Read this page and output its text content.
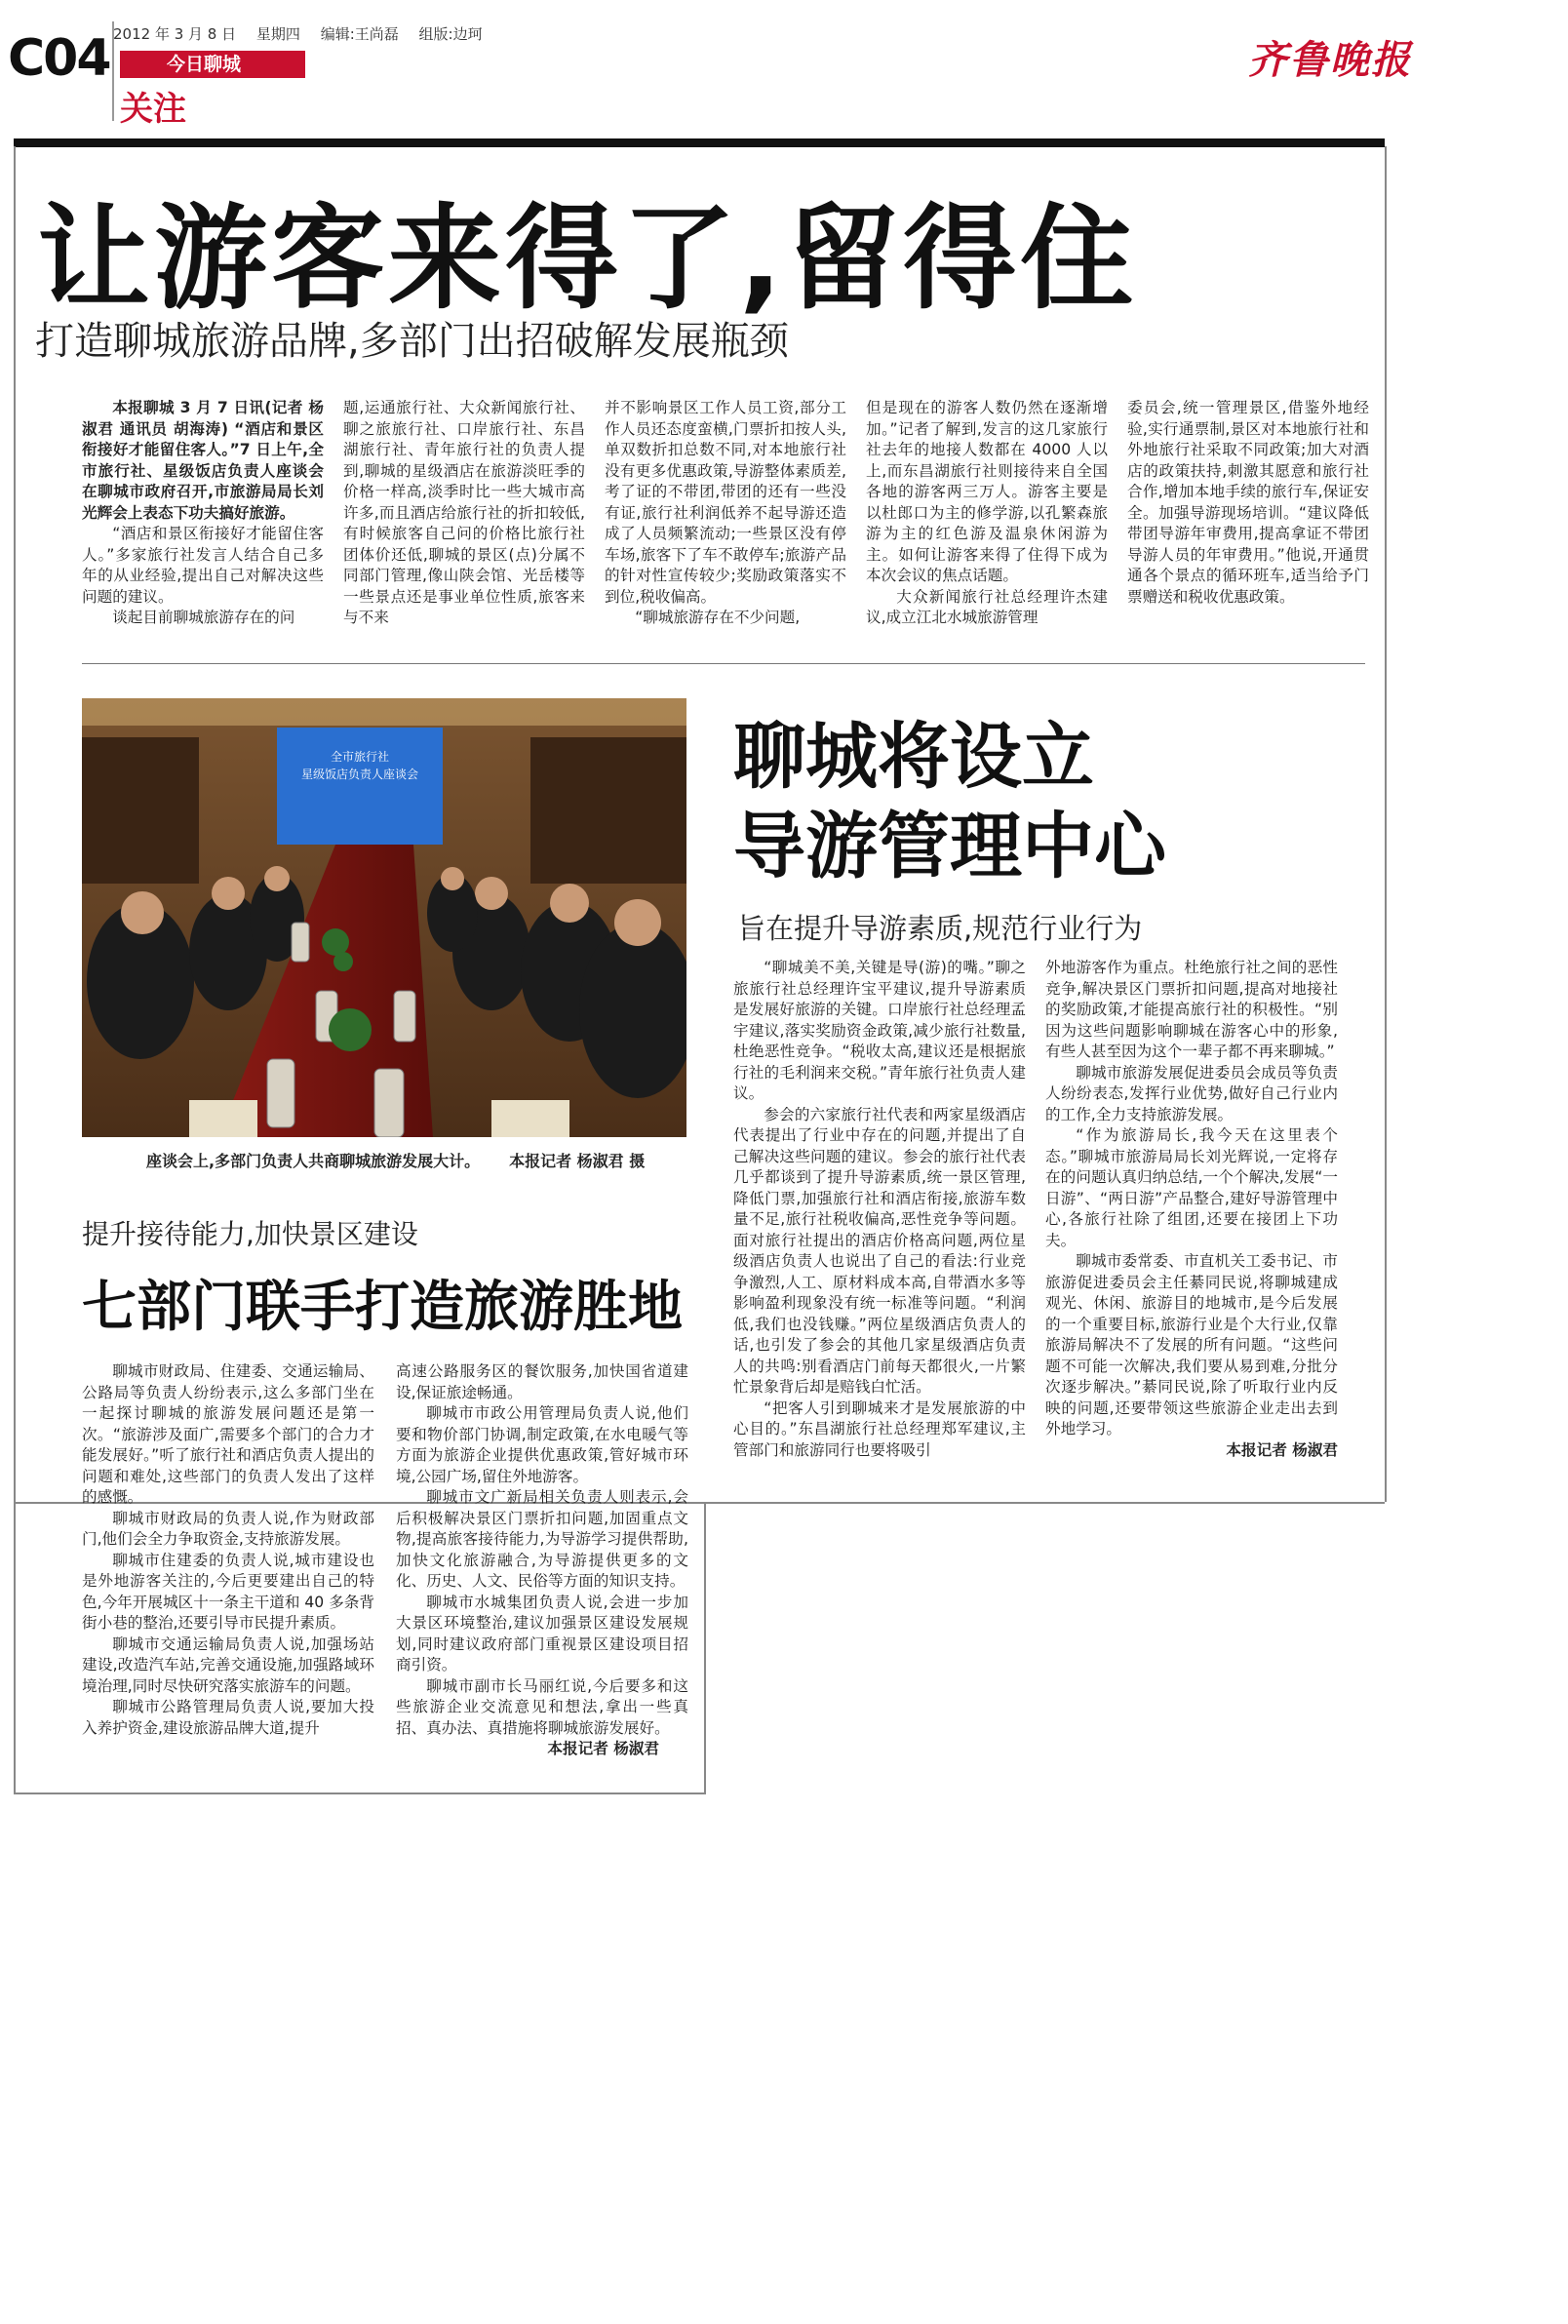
C04 2012 年 3 月 8 日 星期四 编辑:王尚磊 组版:边珂
今日聊城
关注
齐鲁晚报
让游客来得了,留得住
打造聊城旅游品牌,多部门出招破解发展瓶颈

本报聊城 3 月 7 日讯(记者 杨淑君 通讯员 胡海涛) “酒店和景区衔接好才能留住客人。”7 日上午,全市旅行社、星级饭店负责人座谈会在聊城市政府召开,市旅游局局长刘光辉会上表态下功夫搞好旅游。

“酒店和景区衔接好才能留住客人。”多家旅行社发言人结合自己多年的从业经验,提出自己对解决这些问题的建议。

谈起目前聊城旅游存在的问

题,运通旅行社、大众新闻旅行社、聊之旅旅行社、口岸旅行社、东昌湖旅行社、青年旅行社的负责人提到,聊城的星级酒店在旅游淡旺季的价格一样高,淡季时比一些大城市高许多,而且酒店给旅行社的折扣较低,有时候旅客自己问的价格比旅行社团体价还低,聊城的景区(点)分属不同部门管理,像山陕会馆、光岳楼等一些景点还是事业单位性质,旅客来与不来

并不影响景区工作人员工资,部分工作人员还态度蛮横,门票折扣按人头,单双数折扣总数不同,对本地旅行社没有更多优惠政策,导游整体素质差,考了证的不带团,带团的还有一些没有证,旅行社利润低养不起导游还造成了人员频繁流动;一些景区没有停车场,旅客下了车不敢停车;旅游产品的针对性宣传较少;奖励政策落实不到位,税收偏高。

“聊城旅游存在不少问题,

但是现在的游客人数仍然在逐渐增加。”记者了解到,发言的这几家旅行社去年的地接人数都在 4000 人以上,而东昌湖旅行社则接待来自全国各地的游客两三万人。游客主要是以杜郎口为主的修学游,以孔繁森旅游为主的红色游及温泉休闲游为主。如何让游客来得了住得下成为本次会议的焦点话题。

大众新闻旅行社总经理许杰建议,成立江北水城旅游管理

委员会,统一管理景区,借鉴外地经验,实行通票制,景区对本地旅行社和外地旅行社采取不同政策;加大对酒店的政策扶持,刺激其愿意和旅行社合作,增加本地手续的旅行车,保证安全。加强导游现场培训。“建议降低带团导游年审费用,提高拿证不带团导游人员的年审费用。”他说,开通贯通各个景点的循环班车,适当给予门票赠送和税收优惠政策。

全市旅行社
星级饭店负责人座谈会
座谈会上,多部门负责人共商聊城旅游发展大计。 本报记者 杨淑君 摄
聊城将设立
导游管理中心
旨在提升导游素质,规范行业行为

“聊城美不美,关键是导(游)的嘴。”聊之旅旅行社总经理许宝平建议,提升导游素质是发展好旅游的关键。口岸旅行社总经理孟宇建议,落实奖励资金政策,减少旅行社数量,杜绝恶性竞争。“税收太高,建议还是根据旅行社的毛利润来交税。”青年旅行社负责人建议。

参会的六家旅行社代表和两家星级酒店代表提出了行业中存在的问题,并提出了自己解决这些问题的建议。参会的旅行社代表几乎都谈到了提升导游素质,统一景区管理,降低门票,加强旅行社和酒店衔接,旅游车数量不足,旅行社税收偏高,恶性竞争等问题。面对旅行社提出的酒店价格高问题,两位星级酒店负责人也说出了自己的看法:行业竞争激烈,人工、原材料成本高,自带酒水多等影响盈利现象没有统一标准等问题。“利润低,我们也没钱赚。”两位星级酒店负责人的话,也引发了参会的其他几家星级酒店负责人的共鸣:别看酒店门前每天都很火,一片繁忙景象背后却是赔钱白忙活。

“把客人引到聊城来才是发展旅游的中心目的。”东昌湖旅行社总经理郑军建议,主管部门和旅游同行也要将吸引

外地游客作为重点。杜绝旅行社之间的恶性竞争,解决景区门票折扣问题,提高对地接社的奖励政策,才能提高旅行社的积极性。“别因为这些问题影响聊城在游客心中的形象,有些人甚至因为这个一辈子都不再来聊城。”

聊城市旅游发展促进委员会成员等负责人纷纷表态,发挥行业优势,做好自己行业内的工作,全力支持旅游发展。

“作为旅游局长,我今天在这里表个态。”聊城市旅游局局长刘光辉说,一定将存在的问题认真归纳总结,一个个解决,发展“一日游”、“两日游”产品整合,建好导游管理中心,各旅行社除了组团,还要在接团上下功夫。

聊城市委常委、市直机关工委书记、市旅游促进委员会主任綦同民说,将聊城建成观光、休闲、旅游目的地城市,是今后发展的一个重要目标,旅游行业是个大行业,仅靠旅游局解决不了发展的所有问题。“这些问题不可能一次解决,我们要从易到难,分批分次逐步解决。”綦同民说,除了听取行业内反映的问题,还要带领这些旅游企业走出去到外地学习。

本报记者 杨淑君

提升接待能力,加快景区建设
七部门联手打造旅游胜地

聊城市财政局、住建委、交通运输局、公路局等负责人纷纷表示,这么多部门坐在一起探讨聊城的旅游发展问题还是第一次。“旅游涉及面广,需要多个部门的合力才能发展好。”听了旅行社和酒店负责人提出的问题和难处,这些部门的负责人发出了这样的感慨。

聊城市财政局的负责人说,作为财政部门,他们会全力争取资金,支持旅游发展。

聊城市住建委的负责人说,城市建设也是外地游客关注的,今后更要建出自己的特色,今年开展城区十一条主干道和 40 多条背街小巷的整治,还要引导市民提升素质。

聊城市交通运输局负责人说,加强场站建设,改造汽车站,完善交通设施,加强路域环境治理,同时尽快研究落实旅游车的问题。

聊城市公路管理局负责人说,要加大投入养护资金,建设旅游品牌大道,提升

高速公路服务区的餐饮服务,加快国省道建设,保证旅途畅通。

聊城市市政公用管理局负责人说,他们要和物价部门协调,制定政策,在水电暖气等方面为旅游企业提供优惠政策,管好城市环境,公园广场,留住外地游客。

聊城市文广新局相关负责人则表示,会后积极解决景区门票折扣问题,加固重点文物,提高旅客接待能力,为导游学习提供帮助,加快文化旅游融合,为导游提供更多的文化、历史、人文、民俗等方面的知识支持。

聊城市水城集团负责人说,会进一步加大景区环境整治,建议加强景区建设发展规划,同时建议政府部门重视景区建设项目招商引资。

聊城市副市长马丽红说,今后要多和这些旅游企业交流意见和想法,拿出一些真招、真办法、真措施将聊城旅游发展好。

本报记者 杨淑君
